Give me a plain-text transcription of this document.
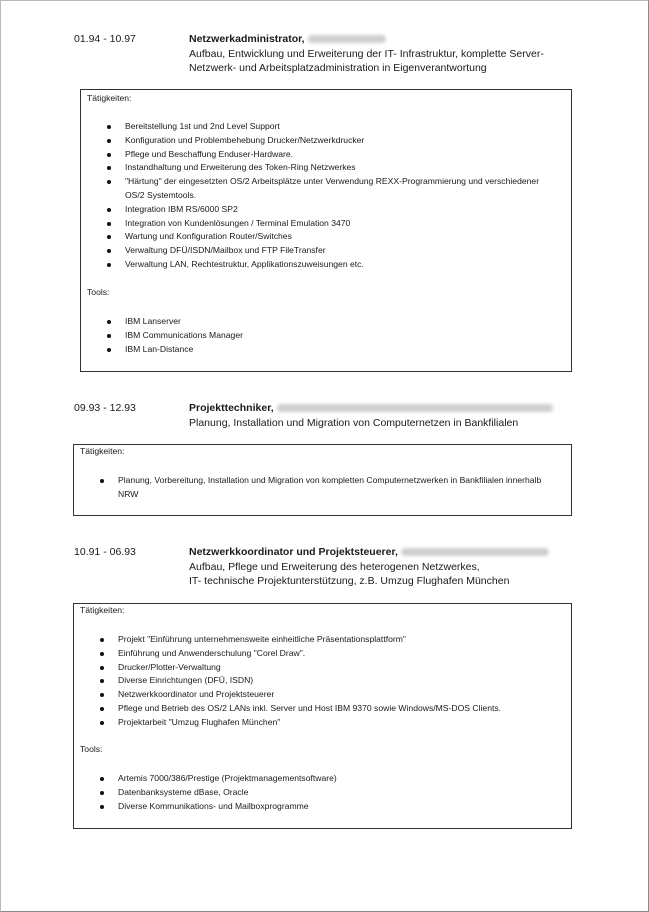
01.94 - 10.97	Netzwerkadministrator,
Aufbau, Entwicklung und Erweiterung der IT- Infrastruktur, komplette Server-
Netzwerk- und Arbeitsplatzadministration in Eigenverantwortung
Tätigkeiten:
Bereitstellung 1st und 2nd Level Support
Konfiguration und Problembehebung Drucker/Netzwerkdrucker
Pflege und Beschaffung Enduser-Hardware.
Instandhaltung und Erweiterung des Token-Ring Netzwerkes
"Härtung" der eingesetzten OS/2 Arbeitsplätze unter Verwendung REXX-Programmierung und verschiedener OS/2 Systemtools.
Integration IBM RS/6000 SP2
Integration von Kundenlösungen / Terminal Emulation 3470
Wartung und Konfiguration Router/Switches
Verwaltung DFÜ/ISDN/Mailbox und FTP FileTransfer
Verwaltung LAN, Rechtestruktur, Applikationszuweisungen etc.
Tools:
IBM Lanserver
IBM Communications Manager
IBM Lan-Distance
09.93 - 12.93	Projekttechniker,
Planung, Installation und Migration von Computernetzen in Bankfilialen
Tätigkeiten:
Planung, Vorbereitung, Installation und Migration von kompletten Computernetzwerken in Bankfilialen innerhalb NRW
10.91 - 06.93	Netzwerkkoordinator und Projektsteuerer,
Aufbau, Pflege und Erweiterung des heterogenen Netzwerkes,
IT- technische Projektunterstützung, z.B. Umzug Flughafen München
Tätigkeiten:
Projekt "Einführung unternehmensweite einheitliche Präsentationsplattform"
Einführung und Anwenderschulung "Corel Draw".
Drucker/Plotter-Verwaltung
Diverse Einrichtungen (DFÜ, ISDN)
Netzwerkkoordinator und Projektsteuerer
Pflege und Betrieb des OS/2 LANs inkl. Server und Host IBM 9370 sowie Windows/MS-DOS Clients.
Projektarbeit "Umzug Flughafen München"
Tools:
Artemis 7000/386/Prestige (Projektmanagementsoftware)
Datenbanksysteme dBase, Oracle
Diverse Kommunikations- und Mailboxprogramme
